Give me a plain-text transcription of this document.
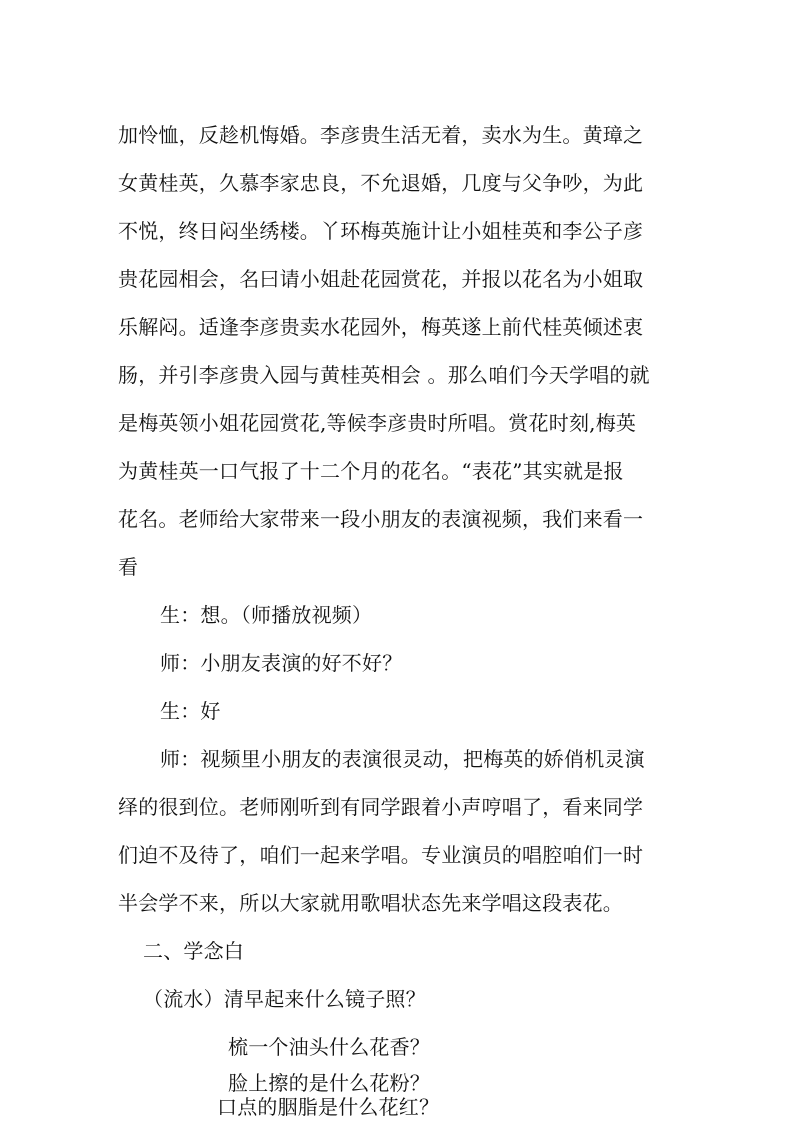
加怜恤，反趁机悔婚。李彦贵生活无着，卖水为生。黄璋之
女黄桂英，久慕李家忠良，不允退婚，几度与父争吵，为此
不悦，终日闷坐绣楼。丫环梅英施计让小姐桂英和李公子彦
贵花园相会，名曰请小姐赴花园赏花，并报以花名为小姐取
乐解闷。适逢李彦贵卖水花园外，梅英遂上前代桂英倾述衷
肠，并引李彦贵入园与黄桂英相会 。那么咱们今天学唱的就
是梅英领小姐花园赏花,等候李彦贵时所唱。赏花时刻,梅英
为黄桂英一口气报了十二个月的花名。“表花”其实就是报
花名。老师给大家带来一段小朋友的表演视频，我们来看一
看
生：想。（师播放视频）
师：小朋友表演的好不好？
生：好
师：视频里小朋友的表演很灵动，把梅英的娇俏机灵演
绎的很到位。老师刚听到有同学跟着小声哼唱了，看来同学
们迫不及待了，咱们一起来学唱。专业演员的唱腔咱们一时
半会学不来，所以大家就用歌唱状态先来学唱这段表花。
二、学念白
（流水）清早起来什么镜子照？
梳一个油头什么花香？
脸上擦的是什么花粉？
口点的胭脂是什么花红？
